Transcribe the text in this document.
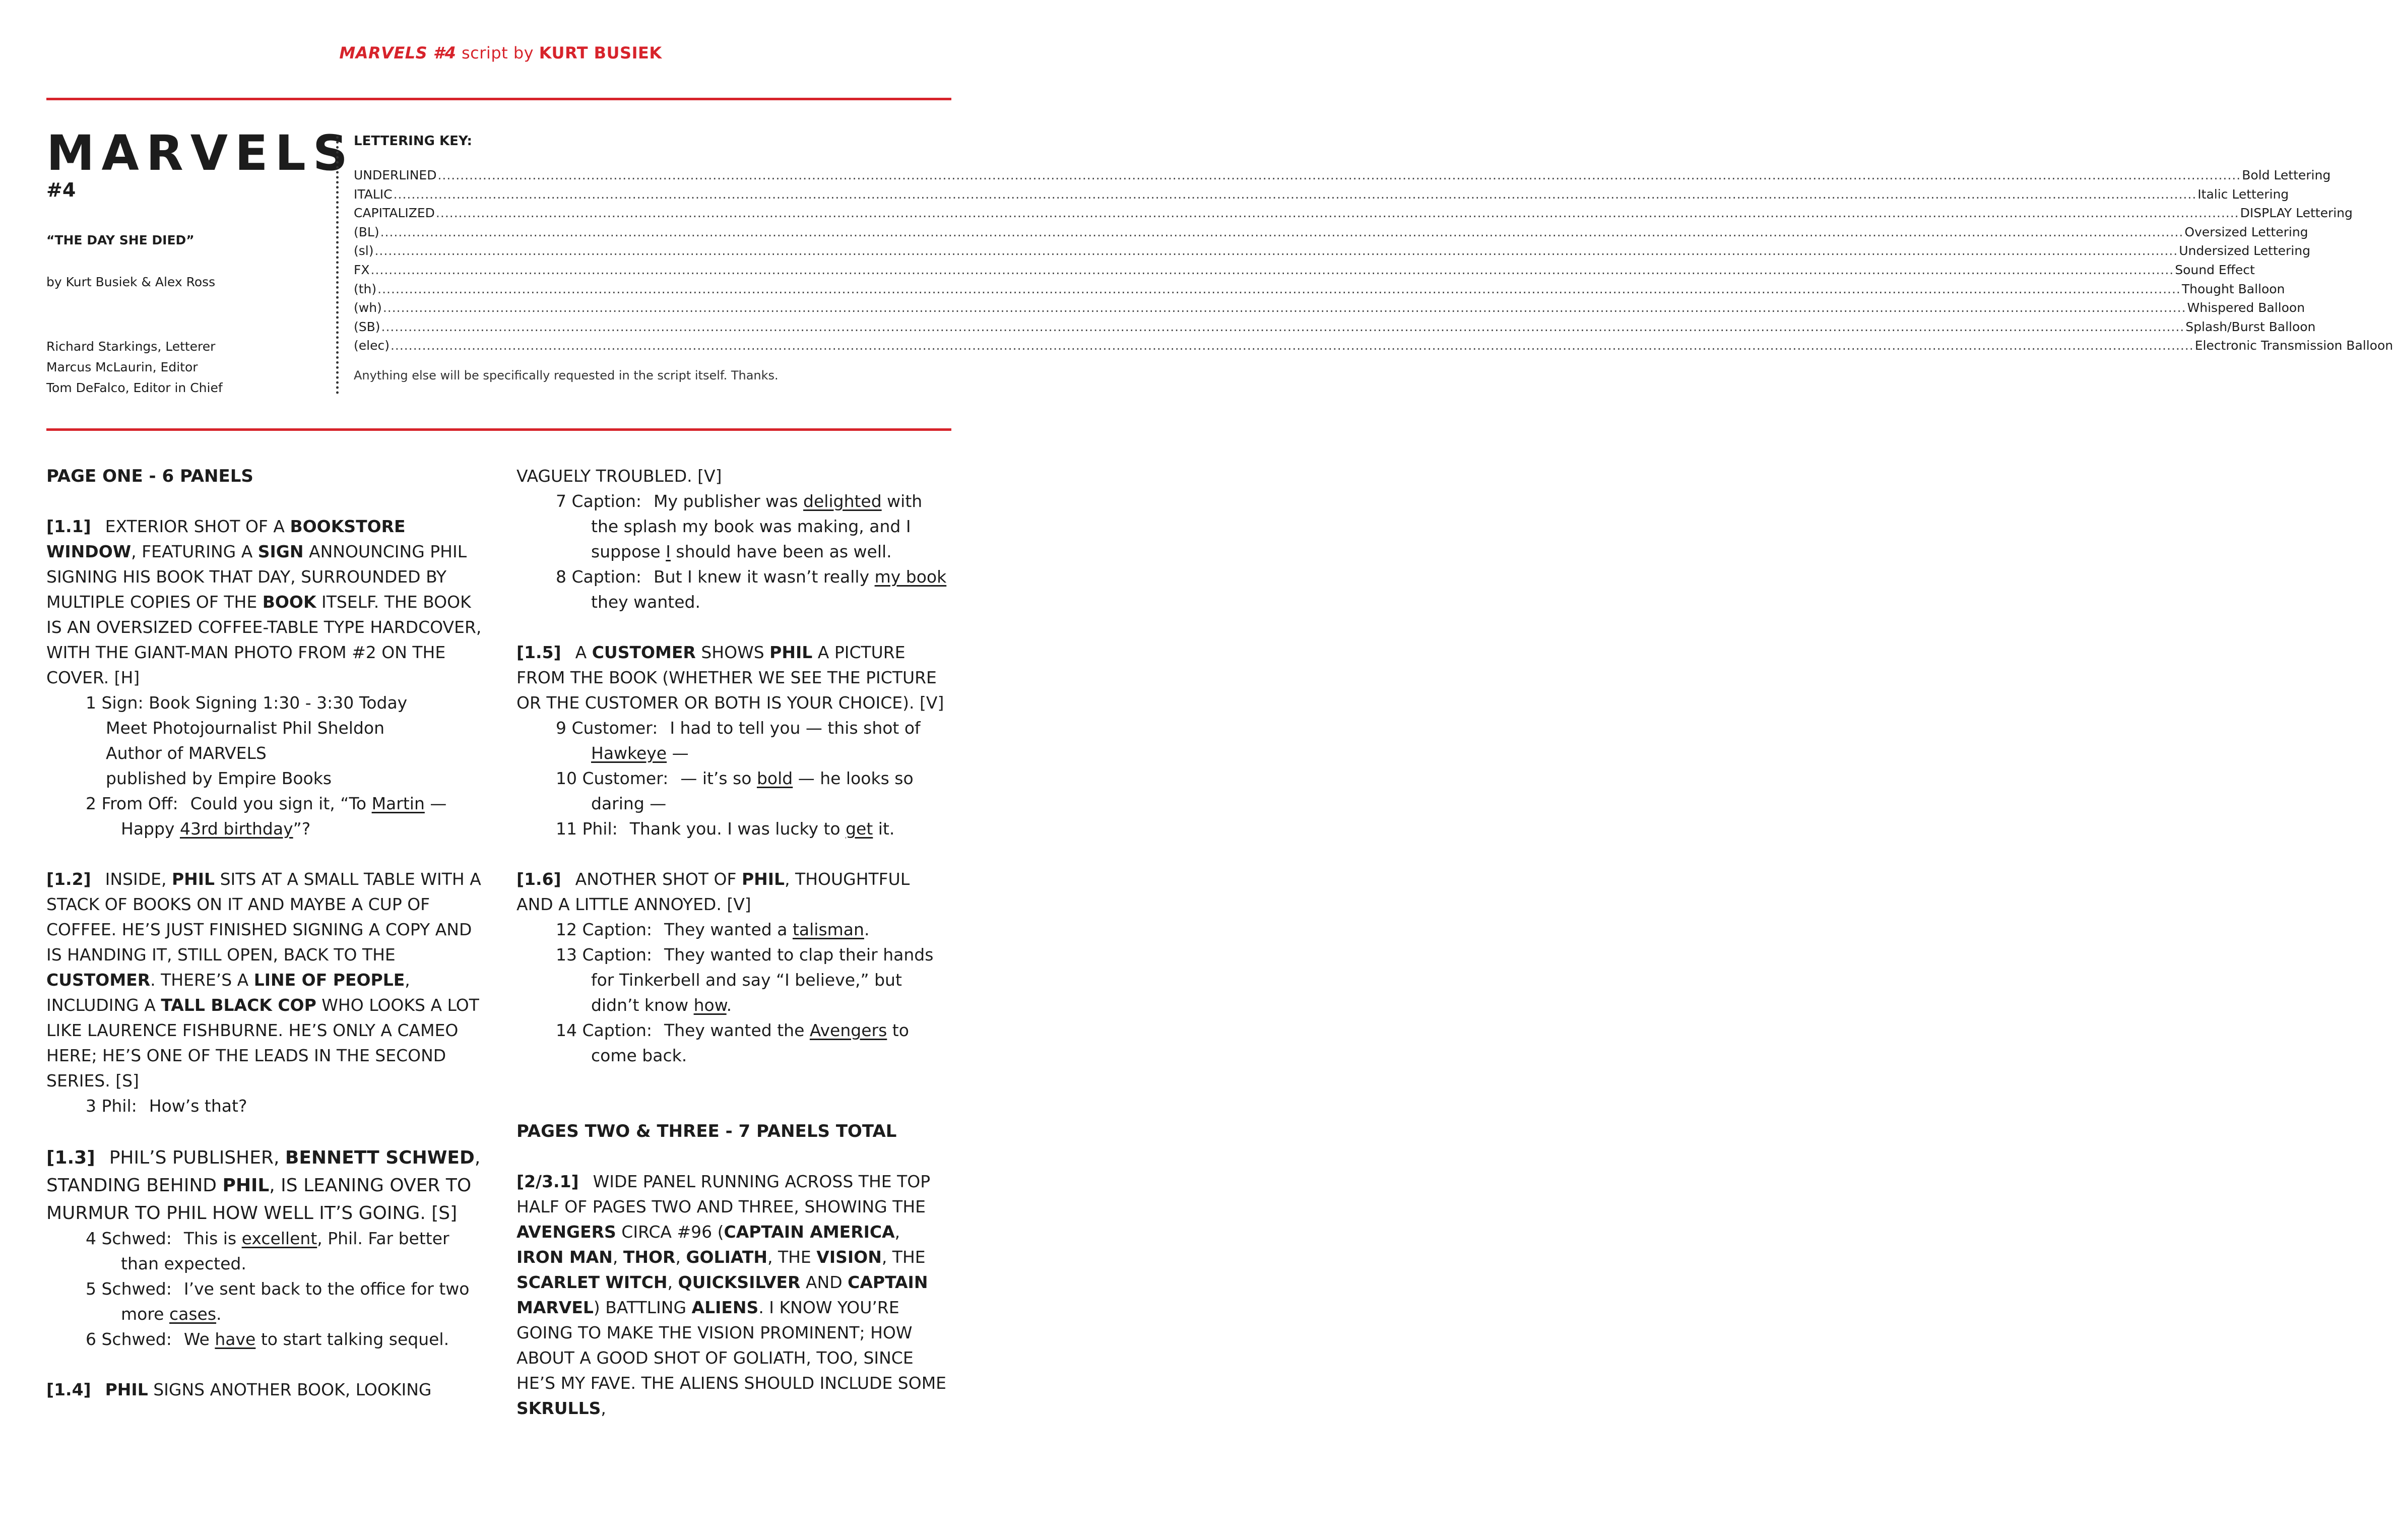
MARVELS #4 script by KURT BUSIEK
MARVELS
#4
“THE DAY SHE DIED”
by Kurt Busiek & Alex Ross
Richard Starkings, Letterer
Marcus McLaurin, Editor
Tom DeFalco, Editor in Chief
LETTERING KEY:
UNDERLINED ................................................................................................................................................................................................................................................................................................................................................................................................................ Bold Lettering
ITALIC ................................................................................................................................................................................................................................................................................................................................................................................................................ Italic Lettering
CAPITALIZED ................................................................................................................................................................................................................................................................................................................................................................................................................ DISPLAY Lettering
(BL) ................................................................................................................................................................................................................................................................................................................................................................................................................ Oversized Lettering
(sl) ................................................................................................................................................................................................................................................................................................................................................................................................................ Undersized Lettering
FX ................................................................................................................................................................................................................................................................................................................................................................................................................ Sound Effect
(th) ................................................................................................................................................................................................................................................................................................................................................................................................................ Thought Balloon
(wh) ................................................................................................................................................................................................................................................................................................................................................................................................................ Whispered Balloon
(SB) ................................................................................................................................................................................................................................................................................................................................................................................................................ Splash/Burst Balloon
(elec) ................................................................................................................................................................................................................................................................................................................................................................................................................ Electronic Transmission Balloon
Anything else will be specifically requested in the script itself. Thanks.
PAGE ONE - 6 PANELS

[1.1] EXTERIOR SHOT OF A BOOKSTORE WINDOW, FEATURING A SIGN ANNOUNCING PHIL SIGNING HIS BOOK THAT DAY, SURROUNDED BY MULTIPLE COPIES OF THE BOOK ITSELF. THE BOOK IS AN OVERSIZED COFFEE-TABLE TYPE HARDCOVER, WITH THE GIANT-MAN PHOTO FROM #2 ON THE COVER. [H]

1 Sign: Book Signing 1:30 - 3:30 Today
Meet Photojournalist Phil Sheldon
Author of MARVELS
published by Empire Books
2 From Off: Could you sign it, “To Martin — Happy 43rd birthday”?

[1.2] INSIDE, PHIL SITS AT A SMALL TABLE WITH A STACK OF BOOKS ON IT AND MAYBE A CUP OF COFFEE. HE’S JUST FINISHED SIGNING A COPY AND IS HANDING IT, STILL OPEN, BACK TO THE CUSTOMER. THERE’S A LINE OF PEOPLE, INCLUDING A TALL BLACK COP WHO LOOKS A LOT LIKE LAURENCE FISHBURNE. HE’S ONLY A CAMEO HERE; HE’S ONE OF THE LEADS IN THE SECOND SERIES. [S]

3 Phil: How’s that?

[1.3] PHIL’S PUBLISHER, BENNETT SCHWED, STANDING BEHIND PHIL, IS LEANING OVER TO MURMUR TO PHIL HOW WELL IT’S GOING. [S]

4 Schwed: This is excellent, Phil. Far better than expected.
5 Schwed: I’ve sent back to the office for two more cases.
6 Schwed: We have to start talking sequel.

[1.4] PHIL SIGNS ANOTHER BOOK, LOOKING

VAGUELY TROUBLED. [V]

7 Caption: My publisher was delighted with the splash my book was making, and I suppose I should have been as well.
8 Caption: But I knew it wasn’t really my book they wanted.

[1.5] A CUSTOMER SHOWS PHIL A PICTURE FROM THE BOOK (WHETHER WE SEE THE PICTURE OR THE CUSTOMER OR BOTH IS YOUR CHOICE). [V]

9 Customer: I had to tell you — this shot of Hawkeye —
10 Customer: — it’s so bold — he looks so daring —
11 Phil: Thank you. I was lucky to get it.

[1.6] ANOTHER SHOT OF PHIL, THOUGHTFUL AND A LITTLE ANNOYED. [V]

12 Caption: They wanted a talisman.
13 Caption: They wanted to clap their hands for Tinkerbell and say “I believe,” but didn’t know how.
14 Caption: They wanted the Avengers to come back.
PAGES TWO & THREE - 7 PANELS TOTAL

[2/3.1] WIDE PANEL RUNNING ACROSS THE TOP HALF OF PAGES TWO AND THREE, SHOWING THE AVENGERS CIRCA #96 (CAPTAIN AMERICA, IRON MAN, THOR, GOLIATH, THE VISION, THE SCARLET WITCH, QUICKSILVER AND CAPTAIN MARVEL) BATTLING ALIENS. I KNOW YOU’RE GOING TO MAKE THE VISION PROMINENT; HOW ABOUT A GOOD SHOT OF GOLIATH, TOO, SINCE HE’S MY FAVE. THE ALIENS SHOULD INCLUDE SOME SKRULLS,
